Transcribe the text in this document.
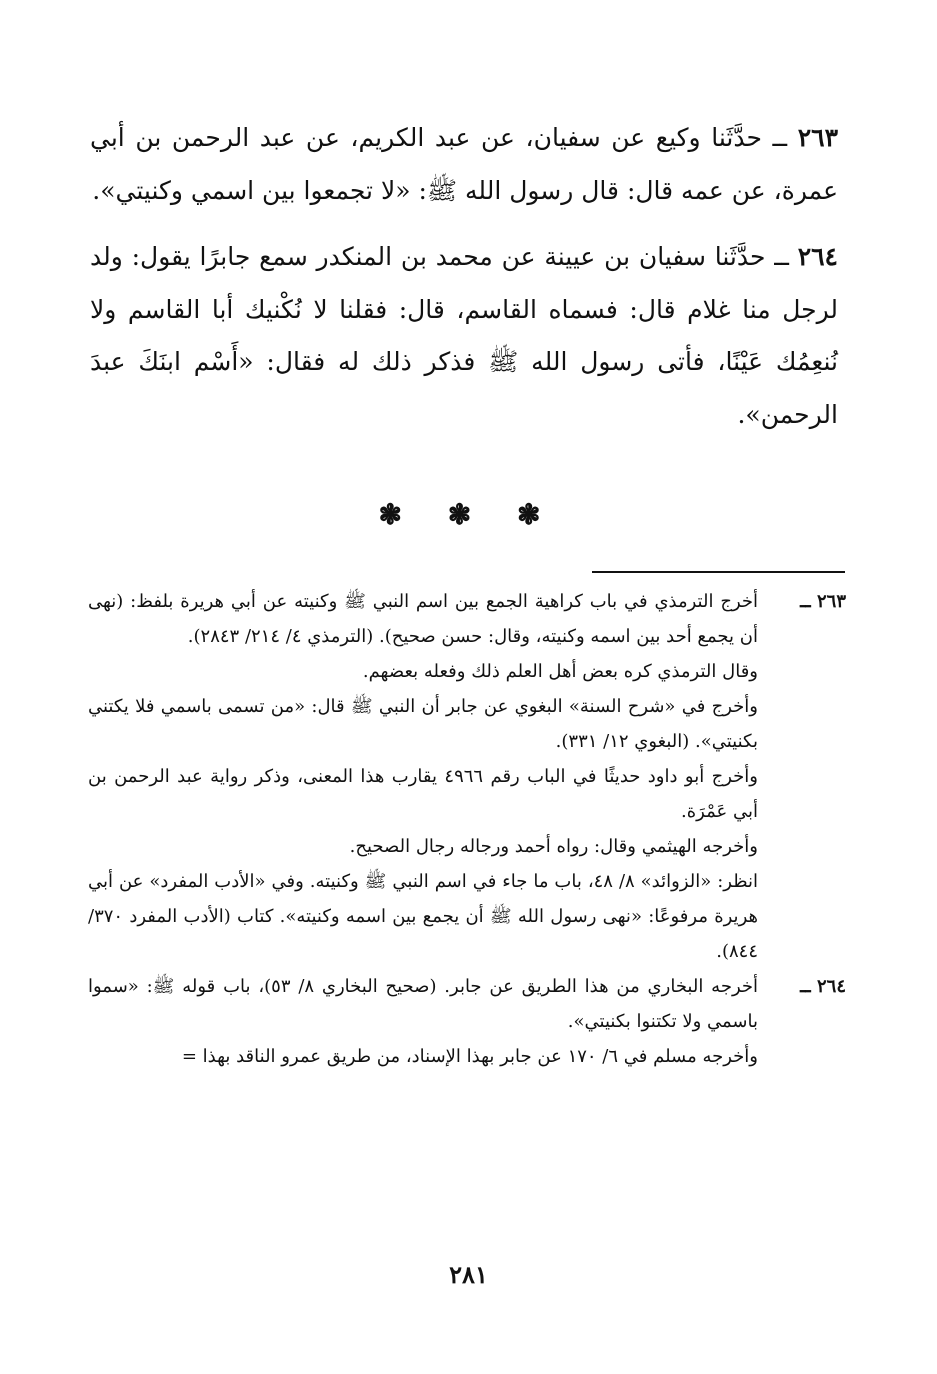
٢٦٣ ــ حدَّثَنا وكيع عن سفيان، عن عبد الكريم، عن عبد الرحمن بن أبي عمرة، عن عمه قال: قال رسول الله ﷺ: «لا تجمعوا بين اسمي وكنيتي».

٢٦٤ ــ حدَّثَنا سفيان بن عيينة عن محمد بن المنكدر سمع جابرًا يقول: ولد لرجل منا غلام قال: فسماه القاسم، قال: فقلنا لا نُكْنيك أبا القاسم ولا نُنعِمُك عَيْنًا، فأتى رسول الله ﷺ فذكر ذلك له فقال: «أَسْم ابنَكَ عبدَ الرحمن».

❃ ❃ ❃
٢٦٣ ــ

أخرج الترمذي في باب كراهية الجمع بين اسم النبي ﷺ وكنيته عن أبي هريرة بلفظ: (نهى أن يجمع أحد بين اسمه وكنيته، وقال: حسن صحيح). (الترمذي ٤/ ٢١٤/ ٢٨٤٣).

وقال الترمذي كره بعض أهل العلم ذلك وفعله بعضهم.

وأخرج في «شرح السنة» البغوي عن جابر أن النبي ﷺ قال: «من تسمى باسمي فلا يكتني بكنيتي». (البغوي ١٢/ ٣٣١).

وأخرج أبو داود حديثًا في الباب رقم ٤٩٦٦ يقارب هذا المعنى، وذكر رواية عبد الرحمن بن أبي عَمْرَة.

وأخرجه الهيثمي وقال: رواه أحمد ورجاله رجال الصحيح.

انظر: «الزوائد» ٨/ ٤٨، باب ما جاء في اسم النبي ﷺ وكنيته. وفي «الأدب المفرد» عن أبي هريرة مرفوعًا: «نهى رسول الله ﷺ أن يجمع بين اسمه وكنيته». كتاب (الأدب المفرد ٣٧٠/ ٨٤٤).

٢٦٤ ــ

أخرجه البخاري من هذا الطريق عن جابر. (صحيح البخاري ٨/ ٥٣)، باب قوله ﷺ: «سموا باسمي ولا تكتنوا بكنيتي».

وأخرجه مسلم في ٦/ ١٧٠ عن جابر بهذا الإسناد، من طريق عمرو الناقد بهذا =

٢٨١
